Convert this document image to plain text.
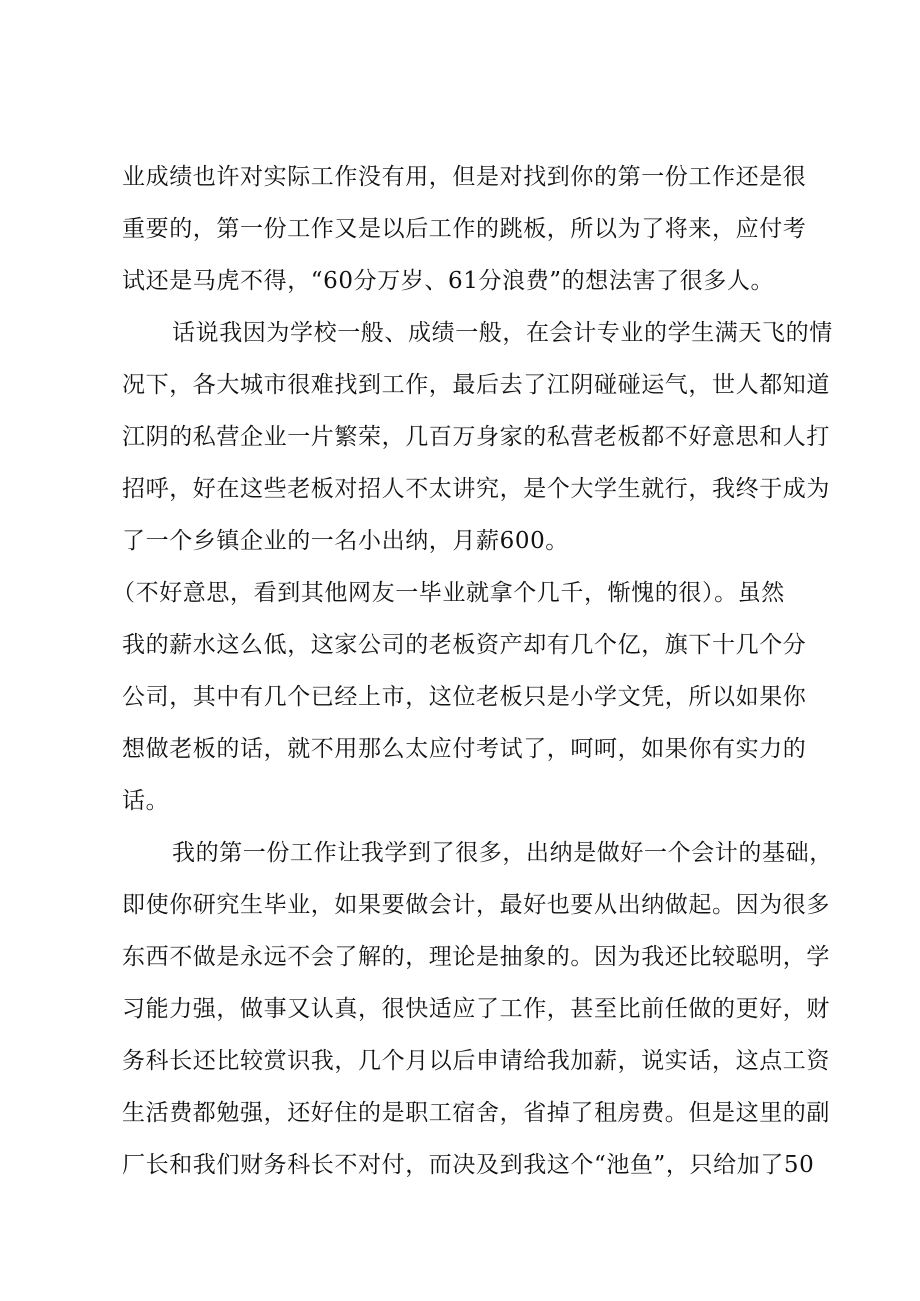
业成绩也许对实际工作没有用，但是对找到你的第一份工作还是很

重要的，第一份工作又是以后工作的跳板，所以为了将来，应付考

试还是马虎不得，“60分万岁、61分浪费”的想法害了很多人。

话说我因为学校一般、成绩一般，在会计专业的学生满天飞的情

况下，各大城市很难找到工作，最后去了江阴碰碰运气，世人都知道

江阴的私营企业一片繁荣，几百万身家的私营老板都不好意思和人打

招呼，好在这些老板对招人不太讲究，是个大学生就行，我终于成为

了一个乡镇企业的一名小出纳，月薪600。

（不好意思，看到其他网友一毕业就拿个几千，惭愧的很）。虽然

我的薪水这么低，这家公司的老板资产却有几个亿，旗下十几个分

公司，其中有几个已经上市，这位老板只是小学文凭，所以如果你

想做老板的话，就不用那么太应付考试了，呵呵，如果你有实力的

话。

我的第一份工作让我学到了很多，出纳是做好一个会计的基础，

即使你研究生毕业，如果要做会计，最好也要从出纳做起。因为很多

东西不做是永远不会了解的，理论是抽象的。因为我还比较聪明，学

习能力强，做事又认真，很快适应了工作，甚至比前任做的更好，财

务科长还比较赏识我，几个月以后申请给我加薪，说实话，这点工资

生活费都勉强，还好住的是职工宿舍，省掉了租房费。但是这里的副

厂长和我们财务科长不对付，而决及到我这个“池鱼”，只给加了50
